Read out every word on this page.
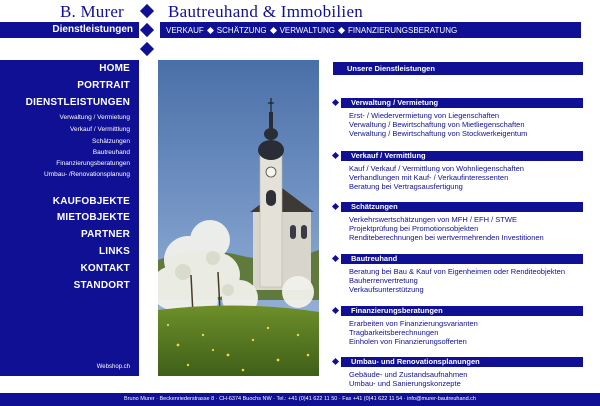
B. Murer	Bautreuhand & Immobilien
Dienstleistungen	VERKAUF SCHÄTZUNG VERWALTUNG FINANZIERUNGSBERATUNG
HOME
PORTRAIT
DIENSTLEISTUNGEN
Verwaltung / Vermietung
Verkauf / Vermittlung
Schätzungen
Bautreuhand
Finanzierungsberatungen
Umbau- /Renovationsplanung
KAUFOBJEKTE
MIETOBJEKTE
PARTNER
LINKS
KONTAKT
STANDORT
Webshop.ch
Unsere Dienstleistungen
Verwaltung / Vermietung
Erst- / Wiedervermietung von Liegenschaften
Verwaltung / Bewirtschaftung von Mietliegenschaften
Verwaltung / Bewirtschaftung von Stockwerkeigentum
Verkauf / Vermittlung
Kauf / Verkauf / Vermittlung von Wohnliegenschaften
Verhandlungen mit Kauf- / Verkaufinteressenten
Beratung bei Vertragsausfertigung
Schätzungen
Verkehrswertschätzungen von MFH / EFH / STWE
Projektprüfung bei Promotionsobjekten
Renditeberechnungen bei wertvermehrenden Investitionen
Bautreuhand
Beratung bei Bau & Kauf von Eigenheimen oder Renditeobjekten
Bauherrenvertretung
Verkaufsunterstützung
Finanzierungsberatungen
Erarbeiten von Finanzierungsvarianten
Tragbarkeitsberechnungen
Einholen von Finanzierungsofferten
Umbau- und Renovationsplanungen
Gebäude- und Zustandsaufnahmen
Umbau- und Sanierungskonzepte
Bruno Murer · Beckenriederstrasse 8 · CH-6374 Buochs NW · Tel.: +41 (0)41 622 11 50 · Fax +41 (0)41 622 11 54 · info@murer-bautreuhand.ch
